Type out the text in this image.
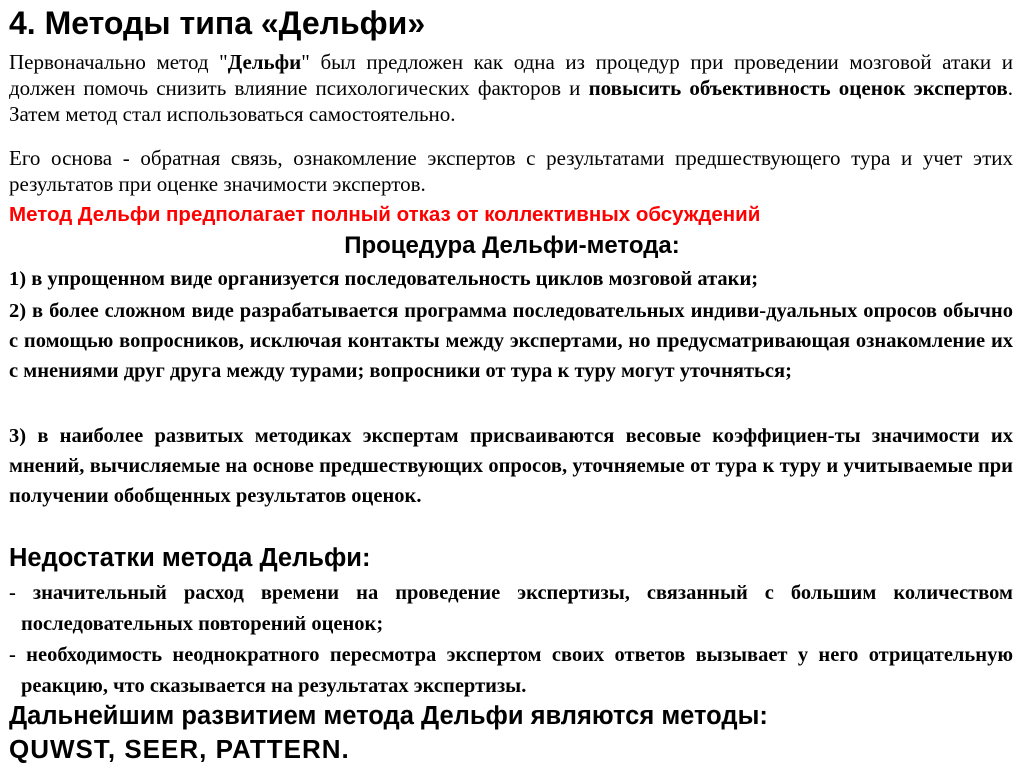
4. Методы типа «Дельфи»

Первоначально метод "Дельфи" был предложен как одна из процедур при проведении мозговой атаки и должен помочь снизить влияние психологических факторов и повысить объективность оценок экспертов. Затем метод стал использоваться самостоятельно.

Его основа - обратная связь, ознакомление экспертов с результатами предшествующего тура и учет этих результатов при оценке значимости экспертов.

Метод Дельфи предполагает полный отказ от коллективных обсуждений

Процедура Дельфи-метода:

1) в упрощенном виде организуется последовательность циклов мозговой атаки;

2) в более сложном виде разрабатывается программа последовательных индиви-дуальных опросов обычно с помощью вопросников, исключая контакты между экспертами, но предусматривающая ознакомление их с мнениями друг друга между турами; вопросники от тура к туру могут уточняться;

3) в наиболее развитых методиках экспертам присваиваются весовые коэффициен-ты значимости их мнений, вычисляемые на основе предшествующих опросов, уточняемые от тура к туру и учитываемые при получении обобщенных результатов оценок.

Недостатки метода Дельфи:

- значительный расход времени на проведение экспертизы, связанный с большим количеством последовательных повторений оценок;

- необходимость неоднократного пересмотра экспертом своих ответов вызывает у него отрицательную реакцию, что сказывается на результатах экспертизы.

Дальнейшим развитием метода Дельфи являются методы:

QUWST, SEER, PATTERN.
